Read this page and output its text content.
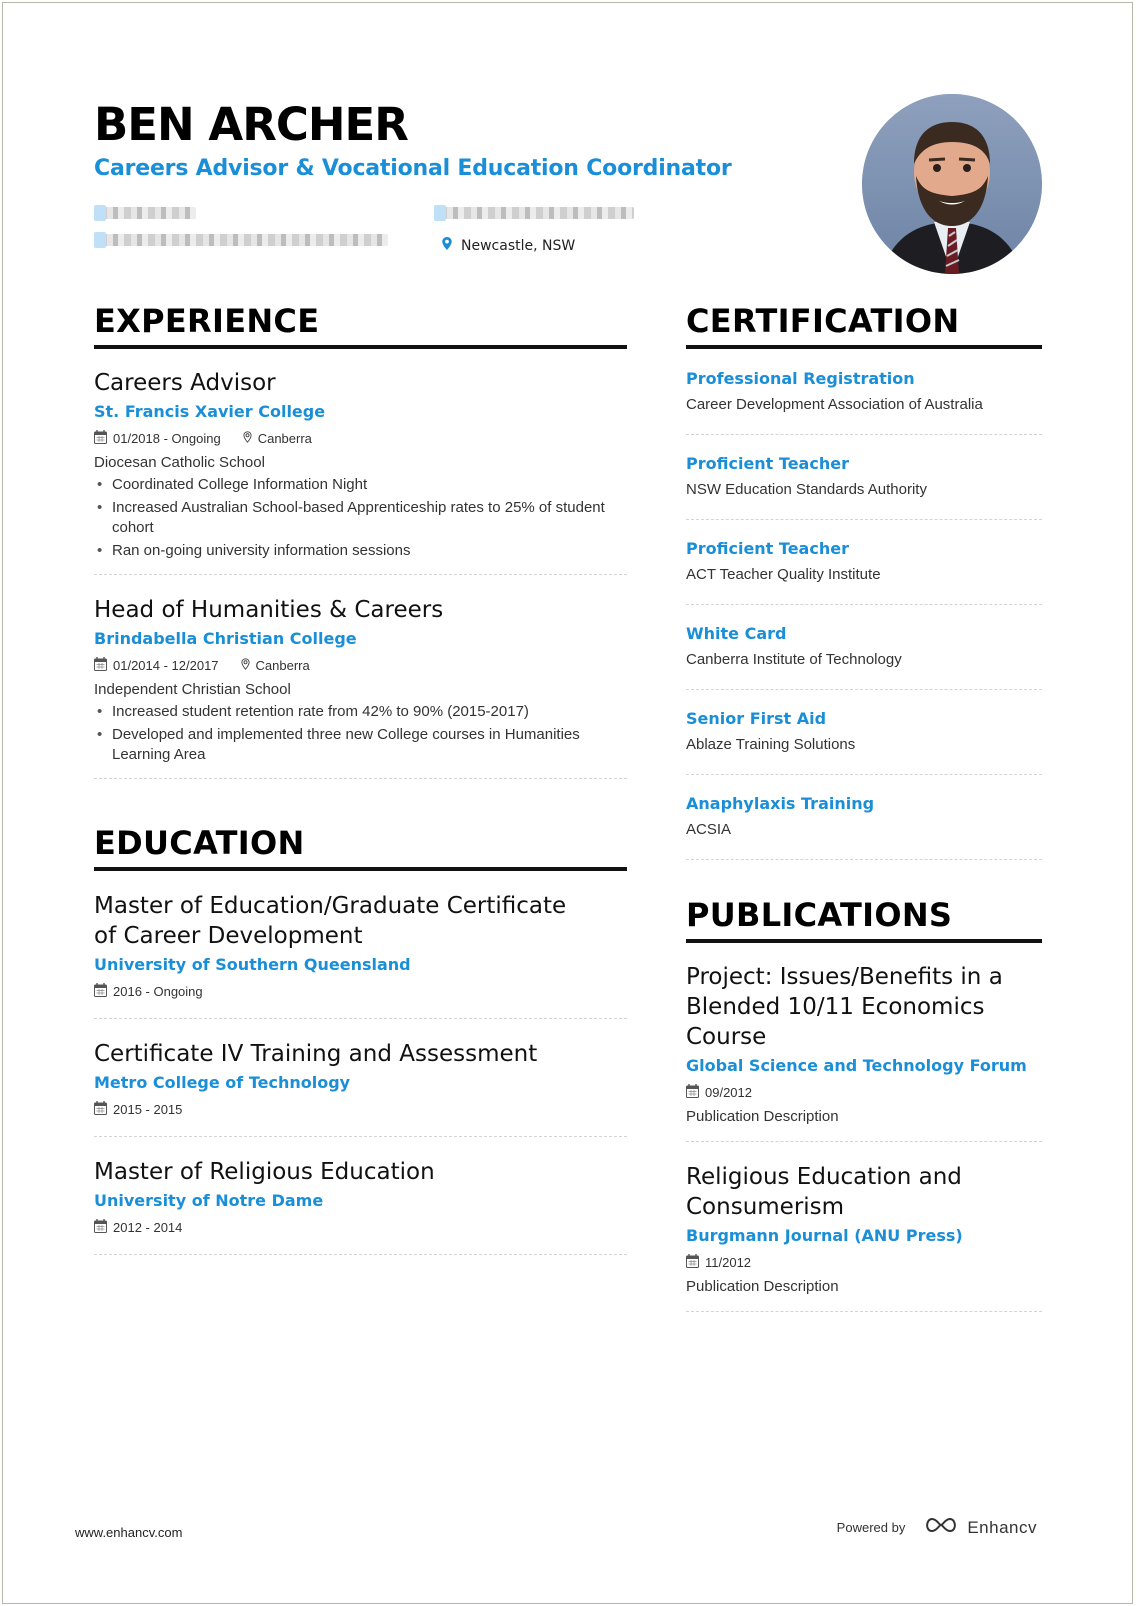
BEN ARCHER
Careers Advisor & Vocational Education Coordinator
Newcastle, NSW
EXPERIENCE
Careers Advisor
St. Francis Xavier College
01/2018 - Ongoing	Canberra
Diocesan Catholic School
• Coordinated College Information Night
• Increased Australian School-based Apprenticeship rates to 25% of student cohort
• Ran on-going university information sessions
Head of Humanities & Careers
Brindabella Christian College
01/2014 - 12/2017	Canberra
Independent Christian School
• Increased student retention rate from 42% to 90% (2015-2017)
• Developed and implemented three new College courses in Humanities Learning Area
EDUCATION
Master of Education/Graduate Certificate of Career Development
University of Southern Queensland
2016 - Ongoing
Certificate IV Training and Assessment
Metro College of Technology
2015 - 2015
Master of Religious Education
University of Notre Dame
2012 - 2014
CERTIFICATION
Professional Registration
Career Development Association of Australia
Proficient Teacher
NSW Education Standards Authority
Proficient Teacher
ACT Teacher Quality Institute
White Card
Canberra Institute of Technology
Senior First Aid
Ablaze Training Solutions
Anaphylaxis Training
ACSIA
PUBLICATIONS
Project: Issues/Benefits in a Blended 10/11 Economics Course
Global Science and Technology Forum
09/2012
Publication Description
Religious Education and Consumerism
Burgmann Journal (ANU Press)
11/2012
Publication Description
www.enhancv.com	Powered by	Enhancv
